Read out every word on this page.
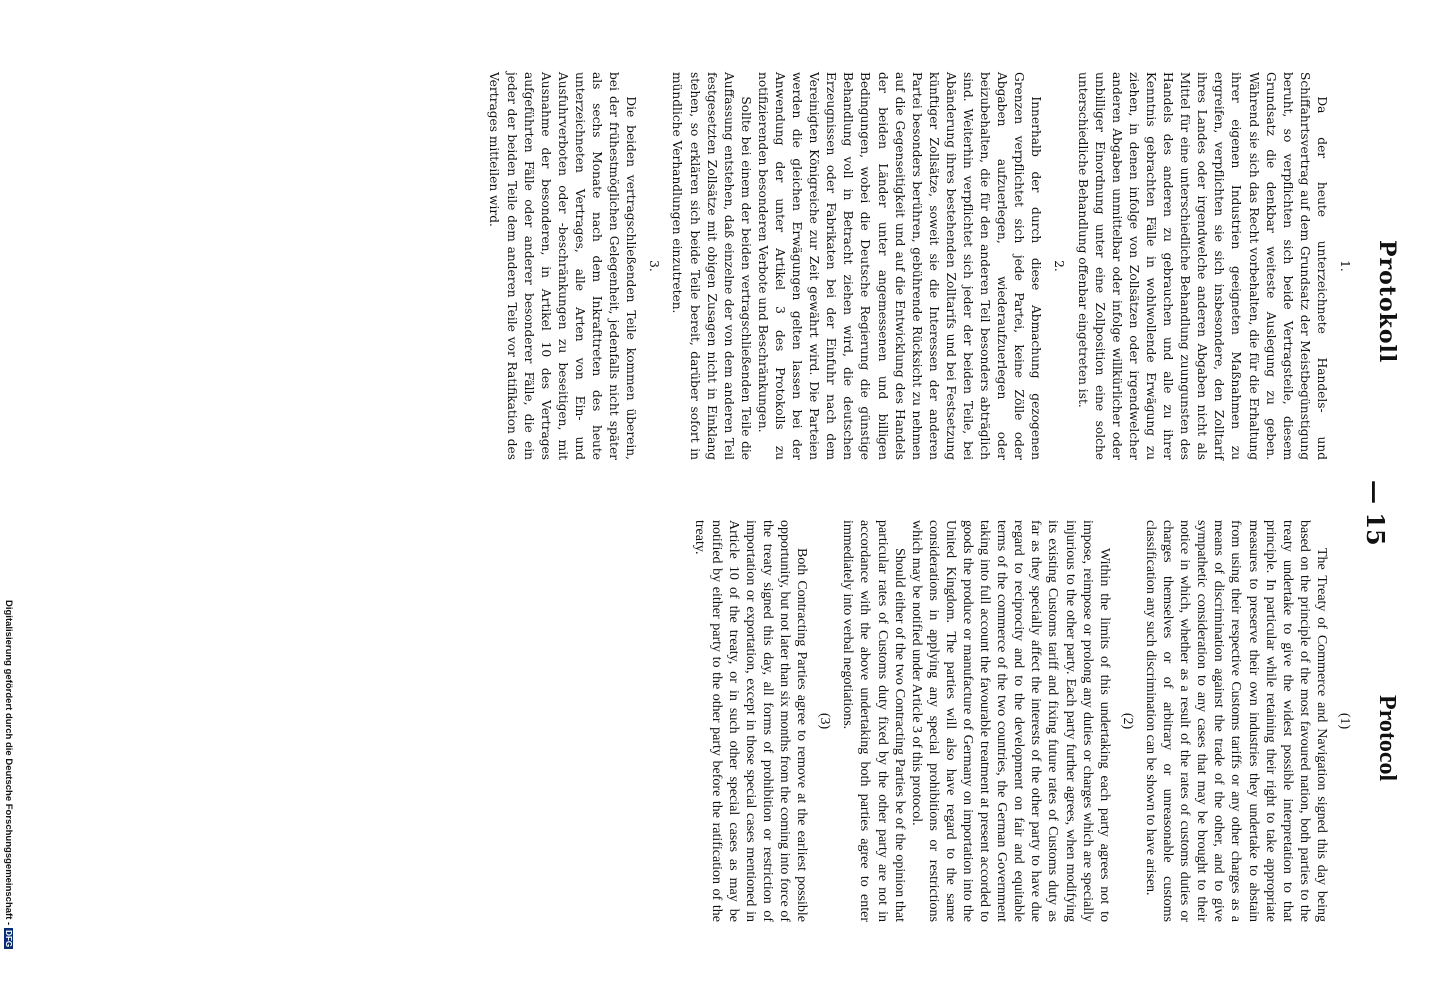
Protokoll
— 15
Protocol
1.

Da der heute unterzeichnete Handels- und Schiffahrtsvertrag auf dem Grundsatz der Meistbegünstigung beruht, so verpflichten sich beide Vertragsteile, diesem Grundsatz die denkbar weiteste Auslegung zu geben. Während sie sich das Recht vorbehalten, die für die Erhaltung ihrer eigenen Industrien geeigneten Maßnahmen zu ergreifen, verpflichten sie sich insbesondere, den Zolltarif ihres Landes oder irgendwelche anderen Abgaben nicht als Mittel für eine unterschiedliche Behandlung zuungunsten des Handels des anderen zu gebrauchen und alle zu ihrer Kenntnis gebrachten Fälle in wohlwollende Erwägung zu ziehen, in denen infolge von Zollsätzen oder irgendwelcher anderen Abgaben unmittelbar oder infolge willkürlicher oder unbilliger Einordnung unter eine Zollposition eine solche unterschiedliche Behandlung offenbar eingetreten ist.

2.

Innerhalb der durch diese Abmachung gezogenen Grenzen verpflichtet sich jede Partei, keine Zölle oder Abgaben aufzuerlegen, wiederaufzuerlegen oder beizubehalten, die für den anderen Teil besonders abträglich sind. Weiterhin verpflichtet sich jeder der beiden Teile, bei Abänderung ihres bestehenden Zolltarifs und bei Festsetzung künftiger Zollsätze, soweit sie die Interessen der anderen Partei besonders berühren, gebührende Rücksicht zu nehmen auf die Gegenseitigkeit und auf die Entwicklung des Handels der beiden Länder unter angemessenen und billigen Bedingungen, wobei die Deutsche Regierung die günstige Behandlung voll in Betracht ziehen wird, die deutschen Erzeugnissen oder Fabrikaten bei der Einfuhr nach dem Vereinigten Königreiche zur Zeit gewährt wird. Die Parteien werden die gleichen Erwägungen gelten lassen bei der Anwendung der unter Artikel 3 des Protokolls zu notifizierenden besonderen Verbote und Beschränkungen.

Sollte bei einem der beiden vertragschließenden Teile die Auffassung entstehen, daß einzelne der von dem anderen Teil festgesetzten Zollsätze mit obigen Zusagen nicht in Einklang stehen, so erklären sich beide Teile bereit, darüber sofort in mündliche Verhandlungen einzutreten.

3.

Die beiden vertragschließenden Teile kommen überein, bei der frühestmöglichen Gelegenheit, jedenfalls nicht später als sechs Monate nach dem Inkrafttreten des heute unterzeichneten Vertrages, alle Arten von Ein- und Ausfuhrverboten oder -beschränkungen zu beseitigen, mit Ausnahme der besonderen, in Artikel 10 des Vertrages aufgeführten Fälle oder anderer besonderer Fälle, die ein jeder der beiden Teile dem anderen Teile vor Ratifikation des Vertrages mitteilen wird.

(1)

The Treaty of Commerce and Navigation signed this day being based on the principle of the most favoured nation, both parties to the treaty undertake to give the widest possible interpretation to that principle. In particular while retaining their right to take appropriate measures to preserve their own industries they undertake to abstain from using their respective Customs tariffs or any other charges as a means of discrimination against the trade of the other, and to give sympathetic consideration to any cases that may be brought to their notice in which, whether as a result of the rates of customs duties or charges themselves or of arbitrary or unreasonable customs classification any such discrimination can be shown to have arisen.

(2)

Within the limits of this undertaking each party agrees not to impose, reimpose or prolong any duties or charges which are specially injurious to the other party. Each party further agrees, when modifying its existing Customs tariff and fixing future rates of Customs duty as far as they specially affect the interests of the other party to have due regard to reciprocity and to the development on fair and equitable terms of the commerce of the two countries, the German Government taking into full account the favourable treatment at present accorded to goods the produce or manufacture of Germany on importation into the United Kingdom. The parties will also have regard to the same considerations in applying any special prohibitions or restrictions which may be notified under Article 3 of this protocol.

Should either of the two Contracting Parties be of the opinion that particular rates of Customs duty fixed by the other party are not in accordance with the above undertaking both parties agree to enter immediately into verbal negotiations.

(3)

Both Contracting Parties agree to remove at the earliest possible opportunity, but not later than six months from the coming into force of the treaty signed this day, all forms of prohibition or restriction of importation or exportation, except in those special cases mentioned in Article 10 of the treaty, or in such other special cases as may be notified by either party to the other party before the ratification of the treaty.

Digitalisierung gefördert durch die Deutsche Forschungsgemeinschaft -DFG
